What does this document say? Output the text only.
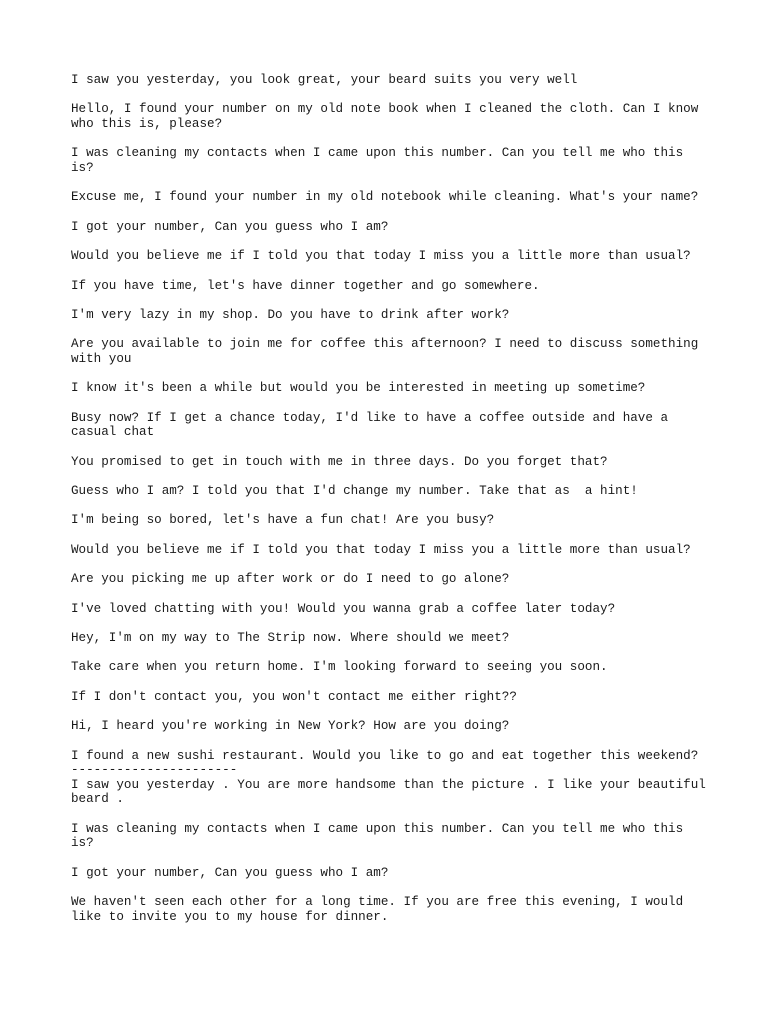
I saw you yesterday, you look great, your beard suits you very well

Hello, I found your number on my old note book when I cleaned the cloth. Can I know who this is, please?

I was cleaning my contacts when I came upon this number. Can you tell me who this is?

Excuse me, I found your number in my old notebook while cleaning. What's your name?

I got your number, Can you guess who I am?

Would you believe me if I told you that today I miss you a little more than usual?

If you have time, let's have dinner together and go somewhere.

I'm very lazy in my shop. Do you have to drink after work?

Are you available to join me for coffee this afternoon? I need to discuss something with you

I know it's been a while but would you be interested in meeting up sometime?

Busy now? If I get a chance today, I'd like to have a coffee outside and have a casual chat

You promised to get in touch with me in three days. Do you forget that?

Guess who I am? I told you that I'd change my number. Take that as  a hint!

I'm being so bored, let's have a fun chat! Are you busy?

Would you believe me if I told you that today I miss you a little more than usual?

Are you picking me up after work or do I need to go alone?

I've loved chatting with you! Would you wanna grab a coffee later today?

Hey, I'm on my way to The Strip now. Where should we meet?

Take care when you return home. I'm looking forward to seeing you soon.

If I don't contact you, you won't contact me either right??

Hi, I heard you're working in New York? How are you doing?

I found a new sushi restaurant. Would you like to go and eat together this weekend?

----------------------

I saw you yesterday . You are more handsome than the picture . I like your beautiful beard .

I was cleaning my contacts when I came upon this number. Can you tell me who this is?

I got your number, Can you guess who I am?

We haven't seen each other for a long time. If you are free this evening, I would like to invite you to my house for dinner.
